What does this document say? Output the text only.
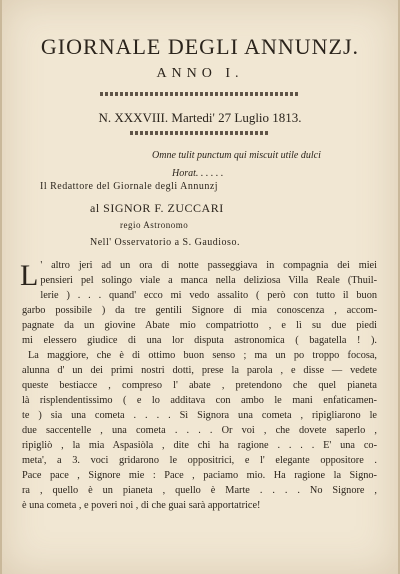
GIORNALE DEGLI ANNUNZJ.
ANNO I.
N. XXXVIII. Martedi' 27 Luglio 1813.
Omne tulit punctum qui miscuit utile dulci
Horat. . . . . .
Il Redattore del Giornale degli Annunzj
al SIGNOR F. ZUCCARI
regio Astronomo
Nell' Osservatorio a S. Gaudioso.
L ' altro jeri ad un ora di notte passeggiava in compagnia dei miei
pensieri pel solingo viale a manca nella deliziosa Villa Reale (Thuil-
lerie ) . . . quand' ecco mi vedo assalito ( però con tutto il buon
garbo possibile ) da tre gentili Signore di mia conoscenza , accom-
pagnate da un giovine Abate mio compatriotto , e lì su due piedi
mi elessero giudice di una lor disputa astronomica ( bagatella ! ).
La maggiore, che è di ottimo buon senso ; ma un po troppo focosa,
alunna d' un dei primi nostri dotti, prese la parola , e disse — vedete
queste bestiacce , compreso l' abate , pretendono che quel pianeta
là risplendentissimo ( e lo additava con ambo le mani enfaticamen-
te ) sia una cometa . . . . Sì Signora una cometa , ripigliarono le
due saccentelle , una cometa . . . . Or voi , che dovete saperlo ,
ripigliò , la mia Aspasiòla , dite chi ha ragione . . . . E' una co-
meta', a 3. voci gridarono le oppositrici, e l' elegante oppositore .
Pace pace , Signore mie : Pace , paciamo mio. Ha ragione la Signo-
ra , quello è un pianeta , quello è Marte . . . . No Signore ,
è una cometa , e poveri noi , di che guai sarà apportatrice!
